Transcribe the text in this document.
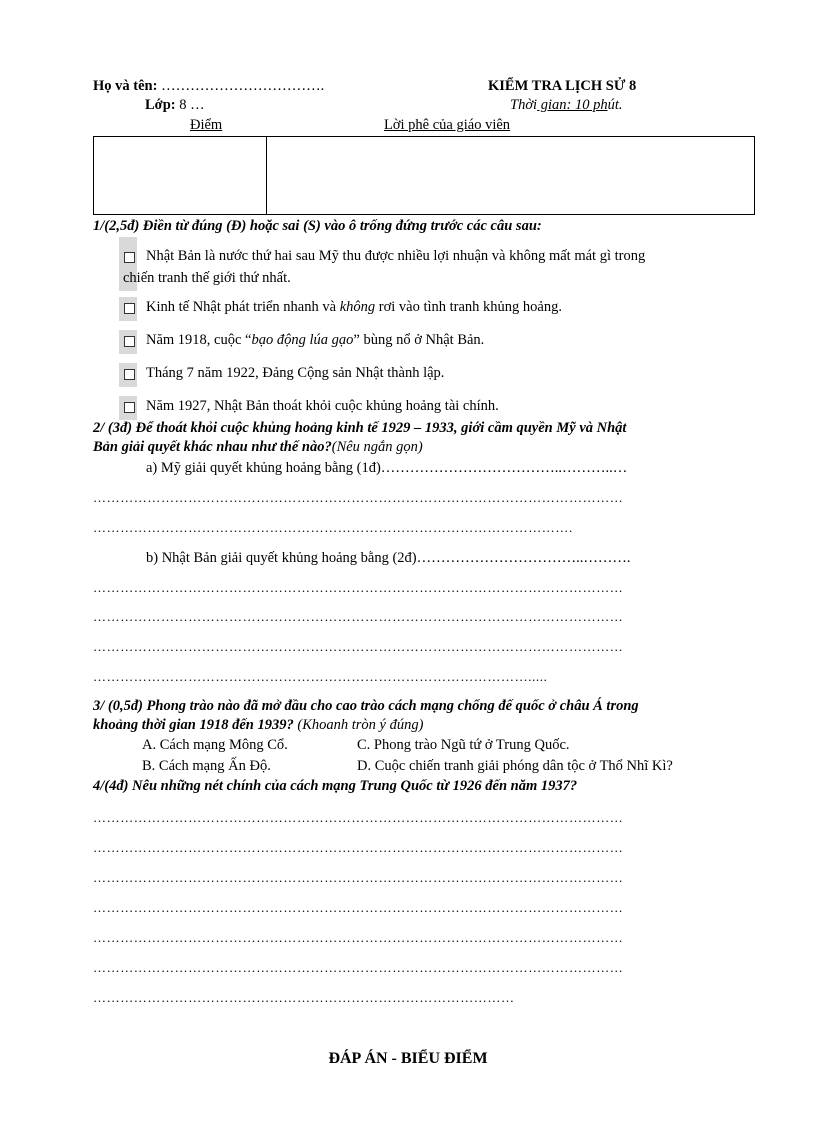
Họ và tên: …………………………….	KIỂM TRA LỊCH SỬ 8
Lớp: 8 …	Thời gian: 10 phút.
Điểm	Lời phê của giáo viên
1/(2,5đ) Điền từ đúng (Đ) hoặc sai (S) vào ô trống đứng trước các câu sau:
Nhật Bản là nước thứ hai sau Mỹ thu được nhiều lợi nhuận và không mất mát gì trong
chiến tranh thế giới thứ nhất.
Kinh tế Nhật phát triển nhanh và không rơi vào tình tranh khủng hoảng.
Năm 1918, cuộc “bạo động lúa gạo” bùng nổ ở Nhật Bản.
Tháng 7 năm 1922, Đảng Cộng sản Nhật thành lập.
Năm 1927, Nhật Bản thoát khỏi cuộc khủng hoảng tài chính.
2/ (3đ) Để thoát khỏi cuộc khủng hoảng kinh tế 1929 – 1933, giới cầm quyền Mỹ và Nhật
Bản giải quyết khác nhau như thế nào?(Nêu ngắn gọn)
a) Mỹ giải quyết khủng hoảng bằng (1đ)………………………………..………..…
………………………………………………………………………………………………………
…………………………………………………………………………………………….
b) Nhật Bản giải quyết khủng hoảng bằng (2đ)……………………………..……….
………………………………………………………………………………………………………
………………………………………………………………………………………………………
………………………………………………………………………………………………………
…………………………………………………………………………………….....
3/ (0,5đ) Phong trào nào đã mở đầu cho cao trào cách mạng chống đế quốc ở châu Á trong
khoảng thời gian 1918 đến 1939? (Khoanh tròn ý đúng)
A. Cách mạng Mông Cổ.	C. Phong trào Ngũ tứ ở Trung Quốc.
B. Cách mạng Ấn Độ.	D. Cuộc chiến tranh giải phóng dân tộc ở Thổ Nhĩ Kì?
4/(4đ) Nêu những nét chính của cách mạng Trung Quốc từ 1926 đến năm 1937?
………………………………………………………………………………………………………
………………………………………………………………………………………………………
………………………………………………………………………………………………………
………………………………………………………………………………………………………
………………………………………………………………………………………………………
………………………………………………………………………………………………………
…………………………………………………………………………………
ĐÁP ÁN - BIỂU ĐIỂM
